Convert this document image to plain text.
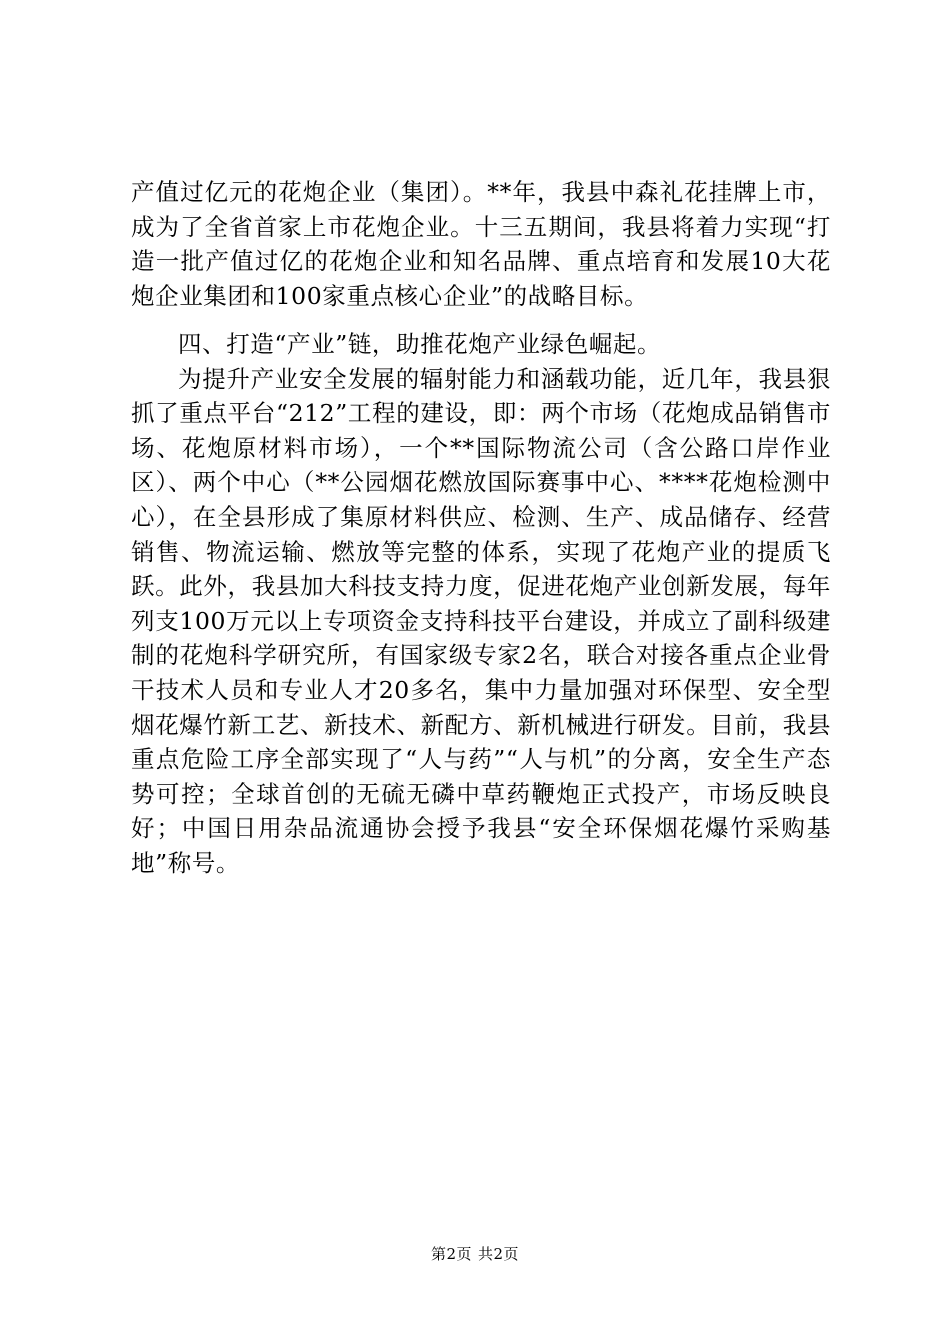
产值过亿元的花炮企业（集团）。**年，我县中森礼花挂牌上市，成为了全省首家上市花炮企业。十三五期间，我县将着力实现“打造一批产值过亿的花炮企业和知名品牌、重点培育和发展10大花炮企业集团和100家重点核心企业”的战略目标。

四、打造“产业”链，助推花炮产业绿色崛起。

为提升产业安全发展的辐射能力和涵载功能，近几年，我县狠抓了重点平台“212”工程的建设，即：两个市场（花炮成品销售市场、花炮原材料市场），一个**国际物流公司（含公路口岸作业区）、两个中心（**公园烟花燃放国际赛事中心、****花炮检测中心），在全县形成了集原材料供应、检测、生产、成品储存、经营销售、物流运输、燃放等完整的体系，实现了花炮产业的提质飞跃。此外，我县加大科技支持力度，促进花炮产业创新发展，每年列支100万元以上专项资金支持科技平台建设，并成立了副科级建制的花炮科学研究所，有国家级专家2名，联合对接各重点企业骨干技术人员和专业人才20多名，集中力量加强对环保型、安全型烟花爆竹新工艺、新技术、新配方、新机械进行研发。目前，我县重点危险工序全部实现了“人与药”“人与机”的分离，安全生产态势可控；全球首创的无硫无磷中草药鞭炮正式投产，市场反映良好；中国日用杂品流通协会授予我县“安全环保烟花爆竹采购基地”称号。

第2页 共2页
